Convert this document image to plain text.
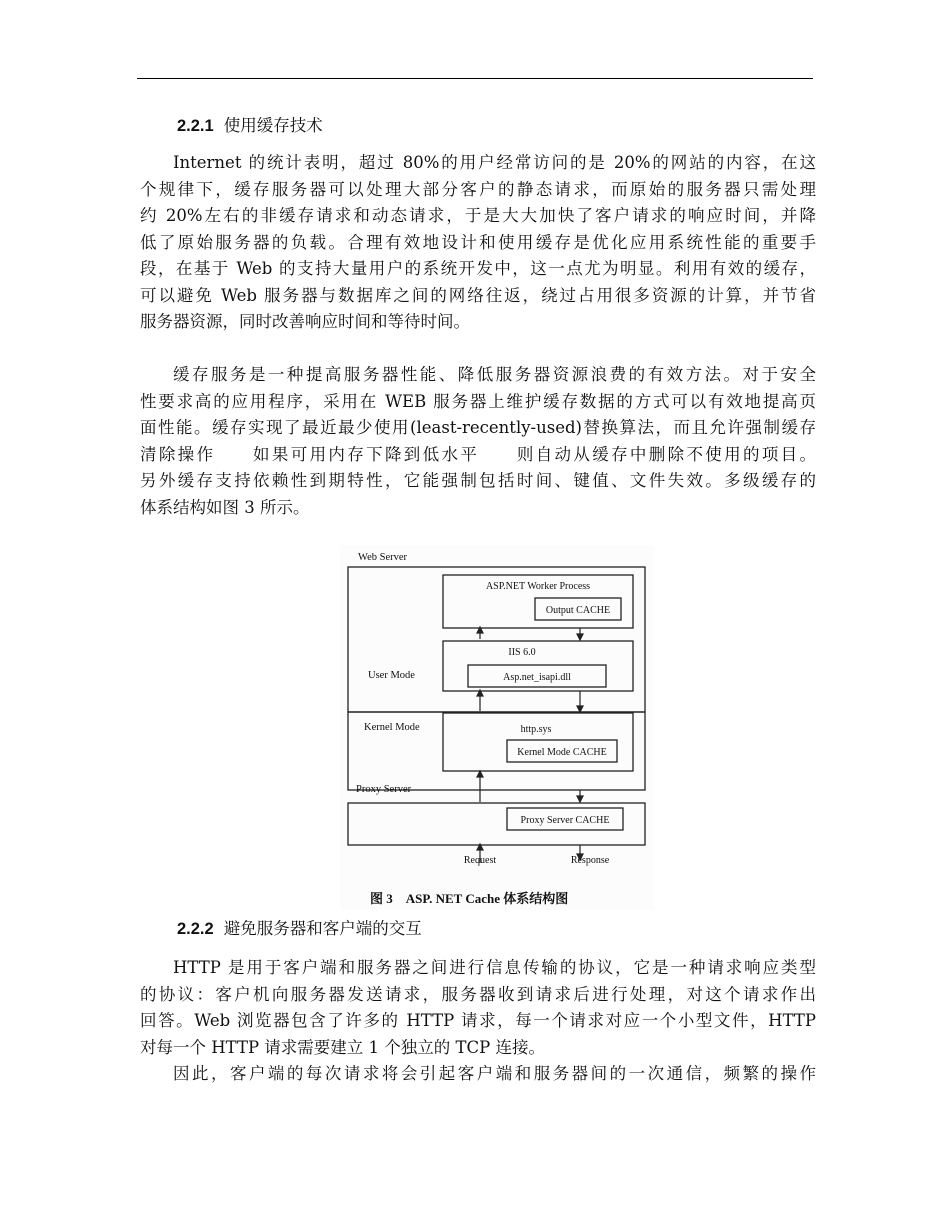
2.2.1 使用缓存技术
Internet 的统计表明，超过 80%的用户经常访问的是 20%的网站的内容，在这
个规律下，缓存服务器可以处理大部分客户的静态请求，而原始的服务器只需处理
约 20%左右的非缓存请求和动态请求，于是大大加快了客户请求的响应时间，并降
低了原始服务器的负载。合理有效地设计和使用缓存是优化应用系统性能的重要手
段，在基于 Web 的支持大量用户的系统开发中，这一点尤为明显。利用有效的缓存，
可以避免 Web 服务器与数据库之间的网络往返，绕过占用很多资源的计算，并节省
服务器资源，同时改善响应时间和等待时间。
缓存服务是一种提高服务器性能、降低服务器资源浪费的有效方法。对于安全
性要求高的应用程序，采用在 WEB 服务器上维护缓存数据的方式可以有效地提高页
面性能。缓存实现了最近最少使用(least-recently-used)替换算法，而且允许强制缓存
清除操作　　如果可用内存下降到低水平　　则自动从缓存中删除不使用的项目。
另外缓存支持依赖性到期特性，它能强制包括时间、键值、文件失效。多级缓存的
体系结构如图 3 所示。
Web Server
ASP.NET Worker Process
Output CACHE
IIS 6.0
Asp.net_isapi.dll
User Mode
Kernel Mode	http.sys
Kernel Mode CACHE
Proxy Server
Proxy Server CACHE
Request	Response
图 3　ASP. NET Cache 体系结构图
2.2.2 避免服务器和客户端的交互
HTTP 是用于客户端和服务器之间进行信息传输的协议，它是一种请求响应类型
的协议：客户机向服务器发送请求，服务器收到请求后进行处理，对这个请求作出
回答。Web 浏览器包含了许多的 HTTP 请求，每一个请求对应一个小型文件，HTTP
对每一个 HTTP 请求需要建立 1 个独立的 TCP 连接。
因此，客户端的每次请求将会引起客户端和服务器间的一次通信，频繁的操作
